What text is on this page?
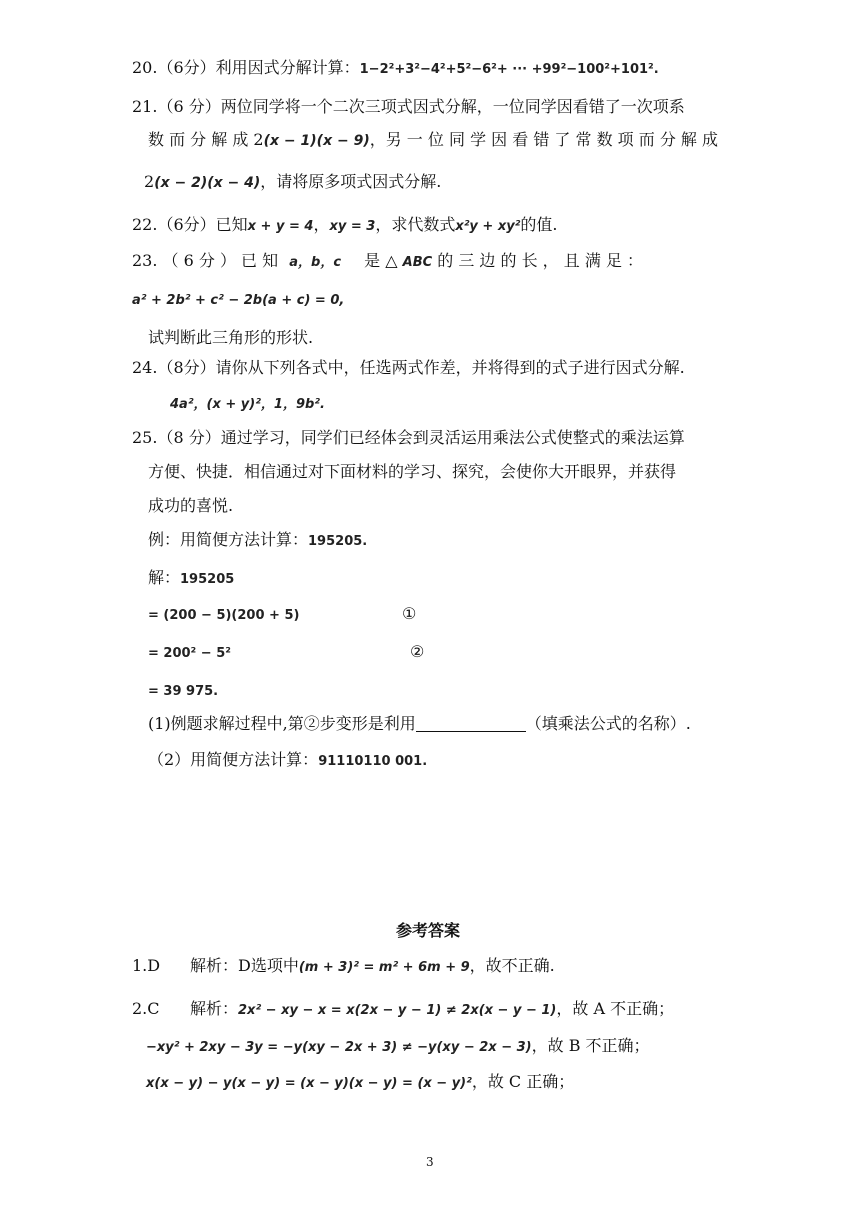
20.（6分）利用因式分解计算：1−2²+3²−4²+5²−6²+ ··· +99²−100²+101².
21.（6 分）两位同学将一个二次三项式因式分解，一位同学因看错了一次项系
数 而 分 解 成 2(x − 1)(x − 9)，另 一 位 同 学 因 看 错 了 常 数 项 而 分 解 成
2(x − 2)(x − 4)，请将原多项式因式分解.
22.（6分）已知x + y = 4，xy = 3，求代数式x²y + xy²的值.
23. （ 6 分 ） 已 知 a，b，c 是 △ ABC 的 三 边 的 长 ， 且 满 足 ：
a² + 2b² + c² − 2b(a + c) = 0,
试判断此三角形的形状.
24.（8分）请你从下列各式中，任选两式作差，并将得到的式子进行因式分解.
4a²，(x + y)²，1，9b².
25.（8 分）通过学习，同学们已经体会到灵活运用乘法公式使整式的乘法运算
方便、快捷．相信通过对下面材料的学习、探究，会使你大开眼界，并获得
成功的喜悦.
例：用简便方法计算：195205.
解：195205
= (200 − 5)(200 + 5)	①
= 200² − 5²	②
= 39 975.
(1)例题求解过程中,第②步变形是利用	（填乘法公式的名称）.
（2）用简便方法计算：91110110 001.
参考答案
1.D 解析：D选项中(m + 3)² = m² + 6m + 9，故不正确.
2.C 解析：2x² − xy − x = x(2x − y − 1) ≠ 2x(x − y − 1)，故 A 不正确；
−xy² + 2xy − 3y = −y(xy − 2x + 3) ≠ −y(xy − 2x − 3)，故 B 不正确；
x(x − y) − y(x − y) = (x − y)(x − y) = (x − y)²，故 C 正确；
3
